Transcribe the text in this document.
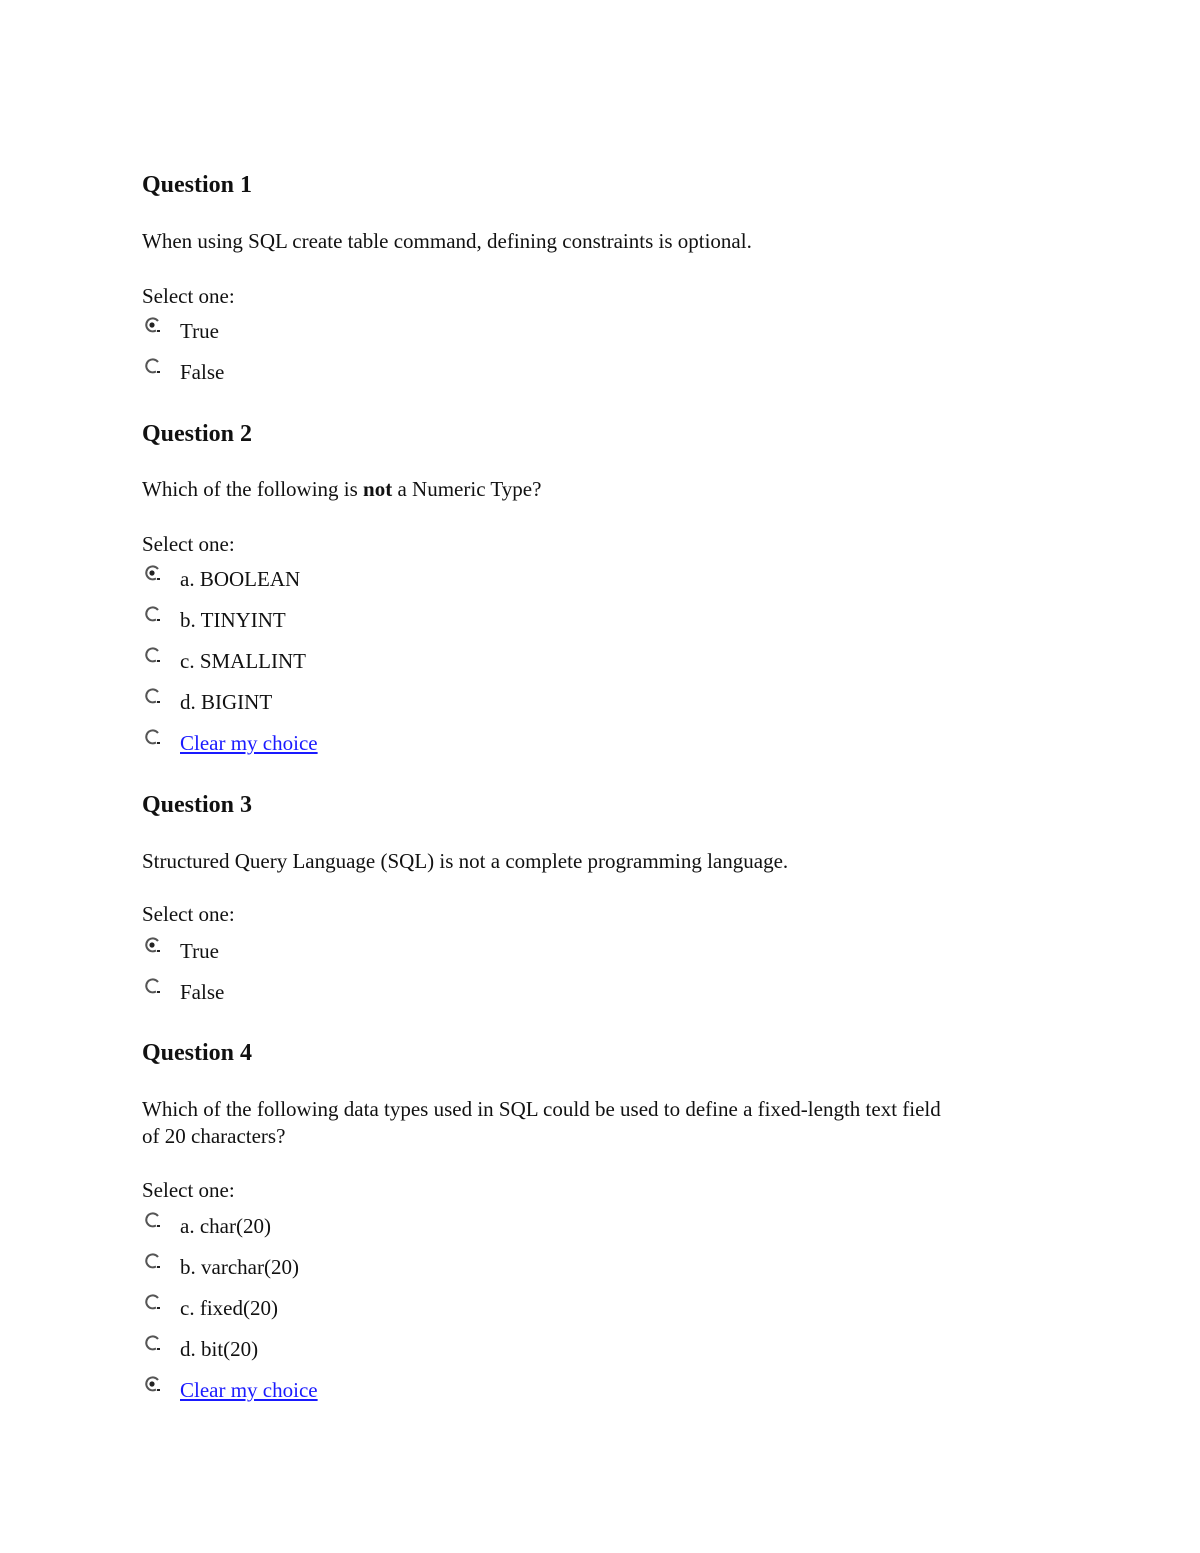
Question 1

When using SQL create table command, defining constraints is optional.

Select one:
True
False
Question 2

Which of the following is not a Numeric Type?

Select one:
a. BOOLEAN
b. TINYINT
c. SMALLINT
d. BIGINT
Clear my choice
Question 3

Structured Query Language (SQL) is not a complete programming language.

Select one:
True
False
Question 4

Which of the following data types used in SQL could be used to define a fixed-length text field
of 20 characters?

Select one:
a. char(20)
b. varchar(20)
c. fixed(20)
d. bit(20)
Clear my choice
